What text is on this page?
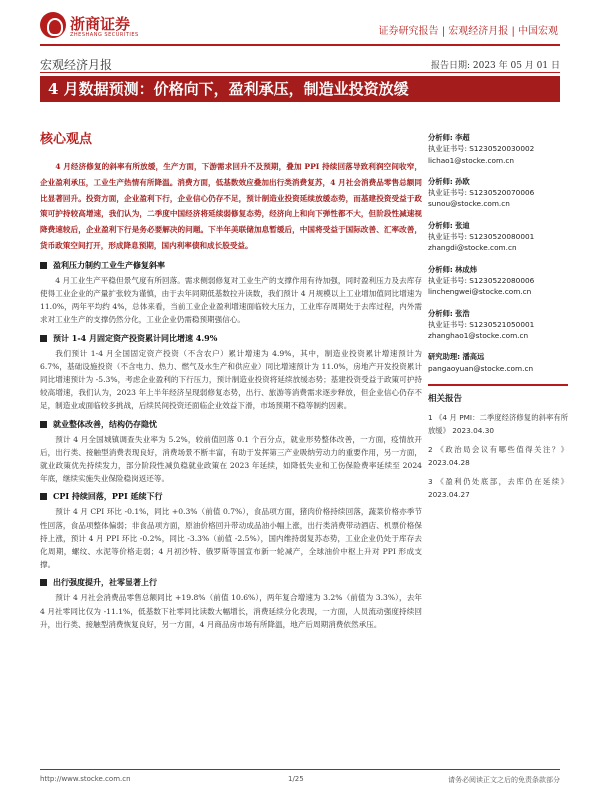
浙商证券
ZHESHANG SECURITIES	证券研究报告 | 宏观经济月报 | 中国宏观
宏观经济月报	报告日期: 2023 年 05 月 01 日
4 月数据预测：价格向下，盈利承压，制造业投资放缓
核心观点
4 月经济修复的斜率有所放缓，生产方面，下游需求回升不及预期，叠加 PPI 持续回落导致利润空间收窄，企业盈利承压，工业生产热情有所降温。消费方面，低基数效应叠加出行类消费复苏，4 月社会消费品零售总额同比显著回升。投资方面，企业盈利下行，企业信心仍存不足，预计制造业投资延续放缓态势，而基建投资受益于政策可护持较高增速，我们认为，二季度中国经济将延续弱修复态势，经济向上和向下弹性都不大，但阶段性减速视降费速较后，企业盈利下行是务必要解决的问题。下半年美联储加息暂缓后，中国将受益于国际改善、汇率改善，货币政策空间打开，形成降息预期，国内利率债和成长股受益。
盈利压力制约工业生产修复斜率
4 月工业生产平稳但景气度有所回落。需求侧弱修复对工业生产的支撑作用有待加强，同时盈利压力及去库存使得工业企业的产量扩张较为谨慎，由于去年同期低基数拉升读数，我们预计 4 月规模以上工业增加值同比增速为 11.0%，两年平均约 4%，总体来看，当前工业企业盈利增速面临较大压力，工业库存周期处于去库过程，内外需求对工业生产的支撑仍然分化，工业企业仍需稳预期强信心。
预计 1-4 月固定资产投资累计同比增速 4.9%
我们预计 1-4 月全国固定资产投资（不含农户）累计增速为 4.9%，其中，制造业投资累计增速预计为 6.7%，基础设施投资（不含电力、热力、燃气及水生产和供应业）同比增速预计为 11.0%，房地产开发投资累计同比增速预计为 -5.3%，考虑企业盈利的下行压力，预计制造业投资将延续放缓态势；基建投资受益于政策可护持较高增速，我们认为，2023 年上半年经济呈现弱修复态势，出行、旅游等消费需求逐步释放，但企业信心仍存不足，制造业或面临较多挑战，后续民间投资还面临企业效益下滑，市场预期不稳等制约因素。
就业整体改善，结构仍存隐忧
预计 4 月全国城镇调查失业率为 5.2%，较前值回落 0.1 个百分点，就业形势整体改善，一方面，疫情放开后，出行类、接触型消费表现良好，消费场景不断丰富，有助于发挥第三产业吸纳劳动力的重要作用，另一方面，就业政策优先持续发力，部分阶段性减负稳就业政策在 2023 年延续，如降低失业和工伤保险费率延续至 2024 年底，继续实施失业保险稳岗返还等。
CPI 持续回落，PPI 延续下行
预计 4 月 CPI 环比 -0.1%，同比 +0.3%（前值 0.7%），食品项方面，猪肉价格持续回落，蔬菜价格亦季节性回落，食品项整体偏弱；非食品项方面，原油价格回升带动成品油小幅上涨，出行类消费带动酒店、机票价格保持上涨，预计 4 月 PPI 环比 -0.2%，同比 -3.3%（前值 -2.5%），国内维持弱复苏态势，工业企业仍处于库存去化周期，螺纹、水泥等价格走弱；4 月初沙特、俄罗斯等国宣布新一轮减产，全球油价中枢上升对 PPI 形成支撑。
出行强度提升，社零显著上行
预计 4 月社会消费品零售总额同比 +19.8%（前值 10.6%），两年复合增速为 3.2%（前值为 3.3%），去年 4 月社零同比仅为 -11.1%，低基数下社零同比读数大幅增长，消费延续分化表现，一方面，人员流动强度持续回升，出行类、接触型消费恢复良好，另一方面，4 月商品房市场有所降温，地产后周期消费依然承压。
分析师: 李超
执业证书号: S1230520030002
lichao1@stocke.com.cn
分析师: 孙欧
执业证书号: S1230520070006
sunou@stocke.com.cn
分析师: 张迪
执业证书号: S1230520080001
zhangdi@stocke.com.cn
分析师: 林成炜
执业证书号: S1230522080006
linchengwei@stocke.com.cn
分析师: 张浩
执业证书号: S1230521050001
zhanghao1@stocke.com.cn
研究助理: 潘高远
pangaoyuan@stocke.com.cn
相关报告
1 《4 月 PMI：二季度经济修复的斜率有所放缓》 2023.04.30
2 《政治局会议有哪些值得关注？》 2023.04.28
3 《盈利仍处底部，去库仍在延续》 2023.04.27
http://www.stocke.com.cn	1/25	请务必阅读正文之后的免责条款部分
